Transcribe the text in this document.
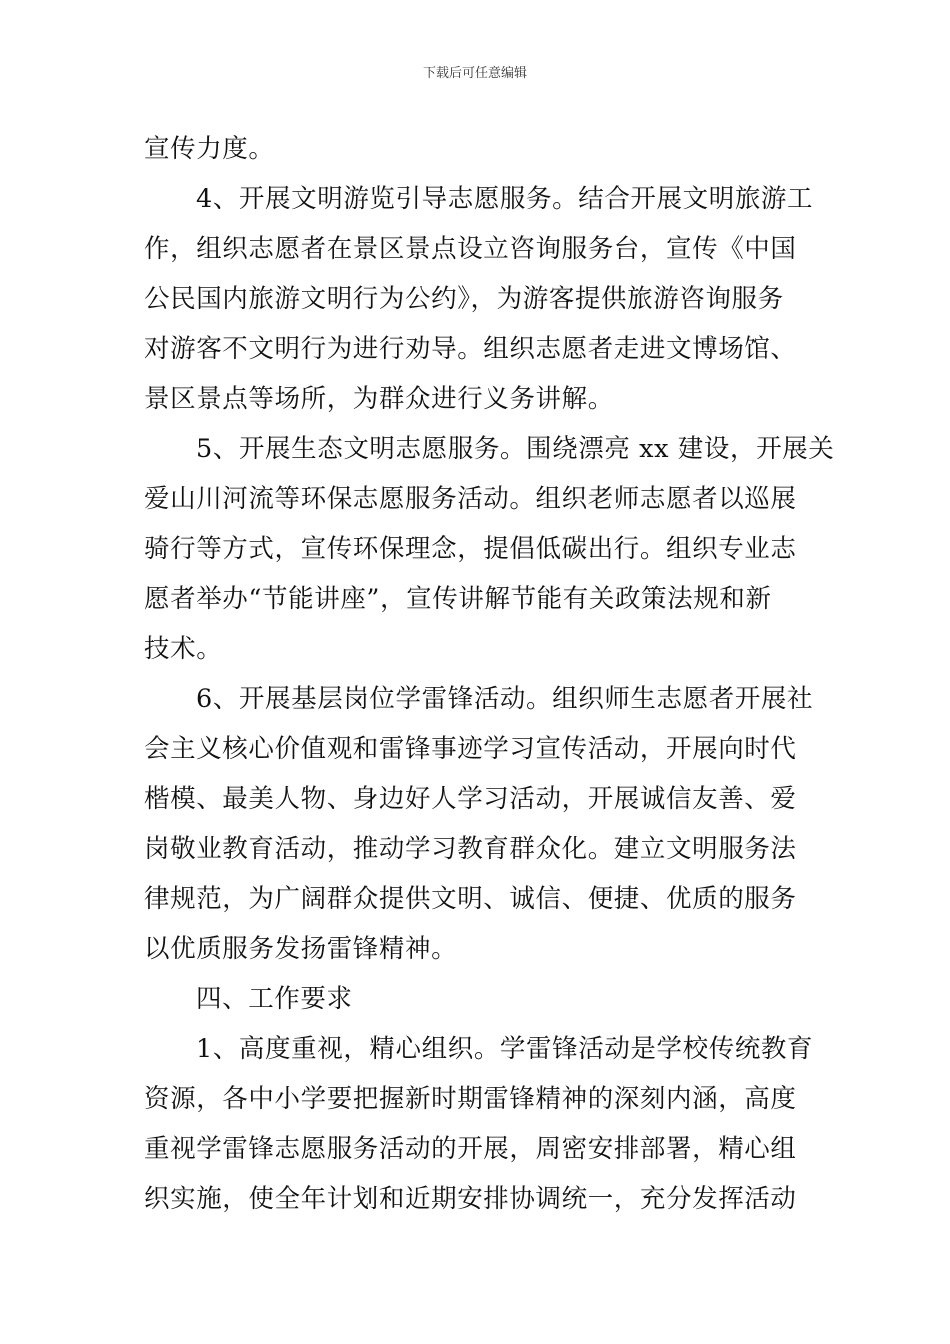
下载后可任意编辑
宣传力度。
4、开展文明游览引导志愿服务。结合开展文明旅游工
作，组织志愿者在景区景点设立咨询服务台，宣传《中国
公民国内旅游文明行为公约》，为游客提供旅游咨询服务
对游客不文明行为进行劝导。组织志愿者走进文博场馆、
景区景点等场所，为群众进行义务讲解。
5、开展生态文明志愿服务。围绕漂亮 xx 建设，开展关
爱山川河流等环保志愿服务活动。组织老师志愿者以巡展
骑行等方式，宣传环保理念，提倡低碳出行。组织专业志
愿者举办“节能讲座”，宣传讲解节能有关政策法规和新
技术。
6、开展基层岗位学雷锋活动。组织师生志愿者开展社
会主义核心价值观和雷锋事迹学习宣传活动，开展向时代
楷模、最美人物、身边好人学习活动，开展诚信友善、爱
岗敬业教育活动，推动学习教育群众化。建立文明服务法
律规范，为广阔群众提供文明、诚信、便捷、优质的服务
以优质服务发扬雷锋精神。
四、工作要求
1、高度重视，精心组织。学雷锋活动是学校传统教育
资源，各中小学要把握新时期雷锋精神的深刻内涵，高度
重视学雷锋志愿服务活动的开展，周密安排部署，精心组
织实施，使全年计划和近期安排协调统一，充分发挥活动
